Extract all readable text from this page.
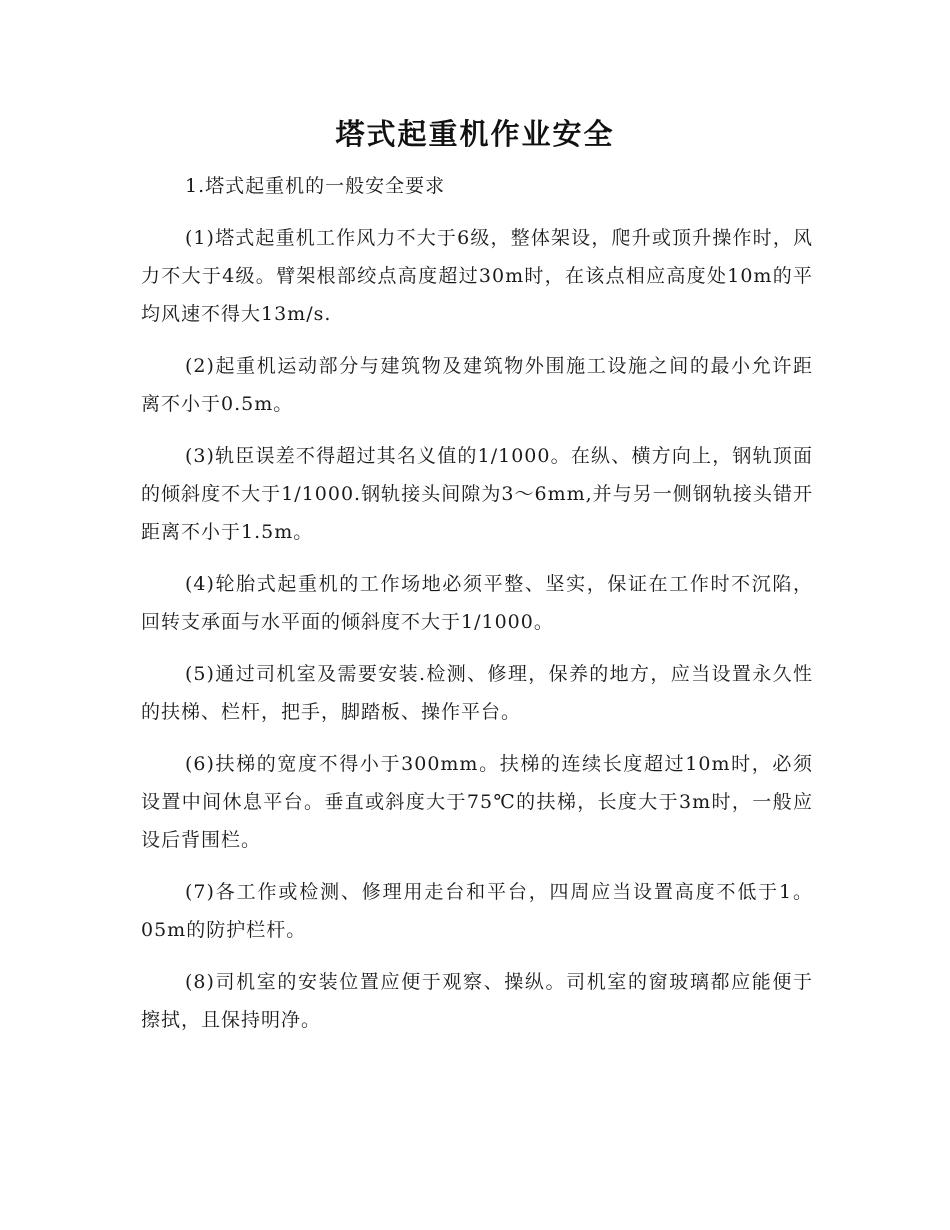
塔式起重机作业安全

1.塔式起重机的一般安全要求

(1)塔式起重机工作风力不大于6级，整体架设，爬升或顶升操作时，风力不大于4级。臂架根部绞点高度超过30m时，在该点相应高度处10m的平均风速不得大13m/s.

(2)起重机运动部分与建筑物及建筑物外围施工设施之间的最小允许距离不小于0.5m。

(3)轨臣误差不得超过其名义值的1/1000。在纵、横方向上，钢轨顶面的倾斜度不大于1/1000.钢轨接头间隙为3～6mm,并与另一侧钢轨接头错开距离不小于1.5m。

(4)轮胎式起重机的工作场地必须平整、坚实，保证在工作时不沉陷，回转支承面与水平面的倾斜度不大于1/1000。

(5)通过司机室及需要安装.检测、修理，保养的地方，应当设置永久性的扶梯、栏杆，把手，脚踏板、操作平台。

(6)扶梯的宽度不得小于300mm。扶梯的连续长度超过10m时，必须设置中间休息平台。垂直或斜度大于75℃的扶梯，长度大于3m时，一般应设后背围栏。

(7)各工作或检测、修理用走台和平台，四周应当设置高度不低于1。05m的防护栏杆。

(8)司机室的安装位置应便于观察、操纵。司机室的窗玻璃都应能便于擦拭，且保持明净。
